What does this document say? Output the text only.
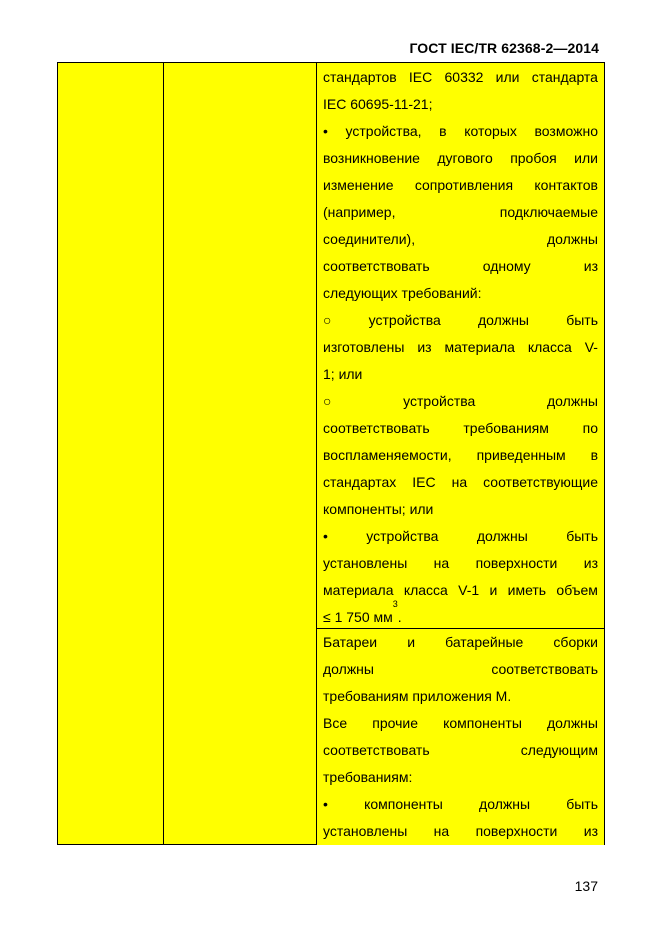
ГОСТ IEC/TR 62368-2—2014
стандартов IEC 60332 или стандарта
IEC 60695-11-21;
• устройства, в которых возможно
возникновение дугового пробоя или
изменение сопротивления контактов
(например,	подключаемые
соединители),	должны
соответствовать	одному	из
следующих требований:
○	устройства	должны	быть
изготовлены из материала класса V-
1; или
○	устройства	должны
соответствовать требованиям по
воспламеняемости, приведенным в
стандартах IEC на соответствующие
компоненты; или
•	устройства	должны	быть
установлены на поверхности из
материала класса V-1 и иметь объем
≤ 1 750 мм
3
.
Батареи и батарейные сборки
должны	соответствовать
требованиям приложения М.
Все прочие компоненты должны
соответствовать	следующим
требованиям:
•	компоненты	должны	быть
установлены на поверхности из
137
